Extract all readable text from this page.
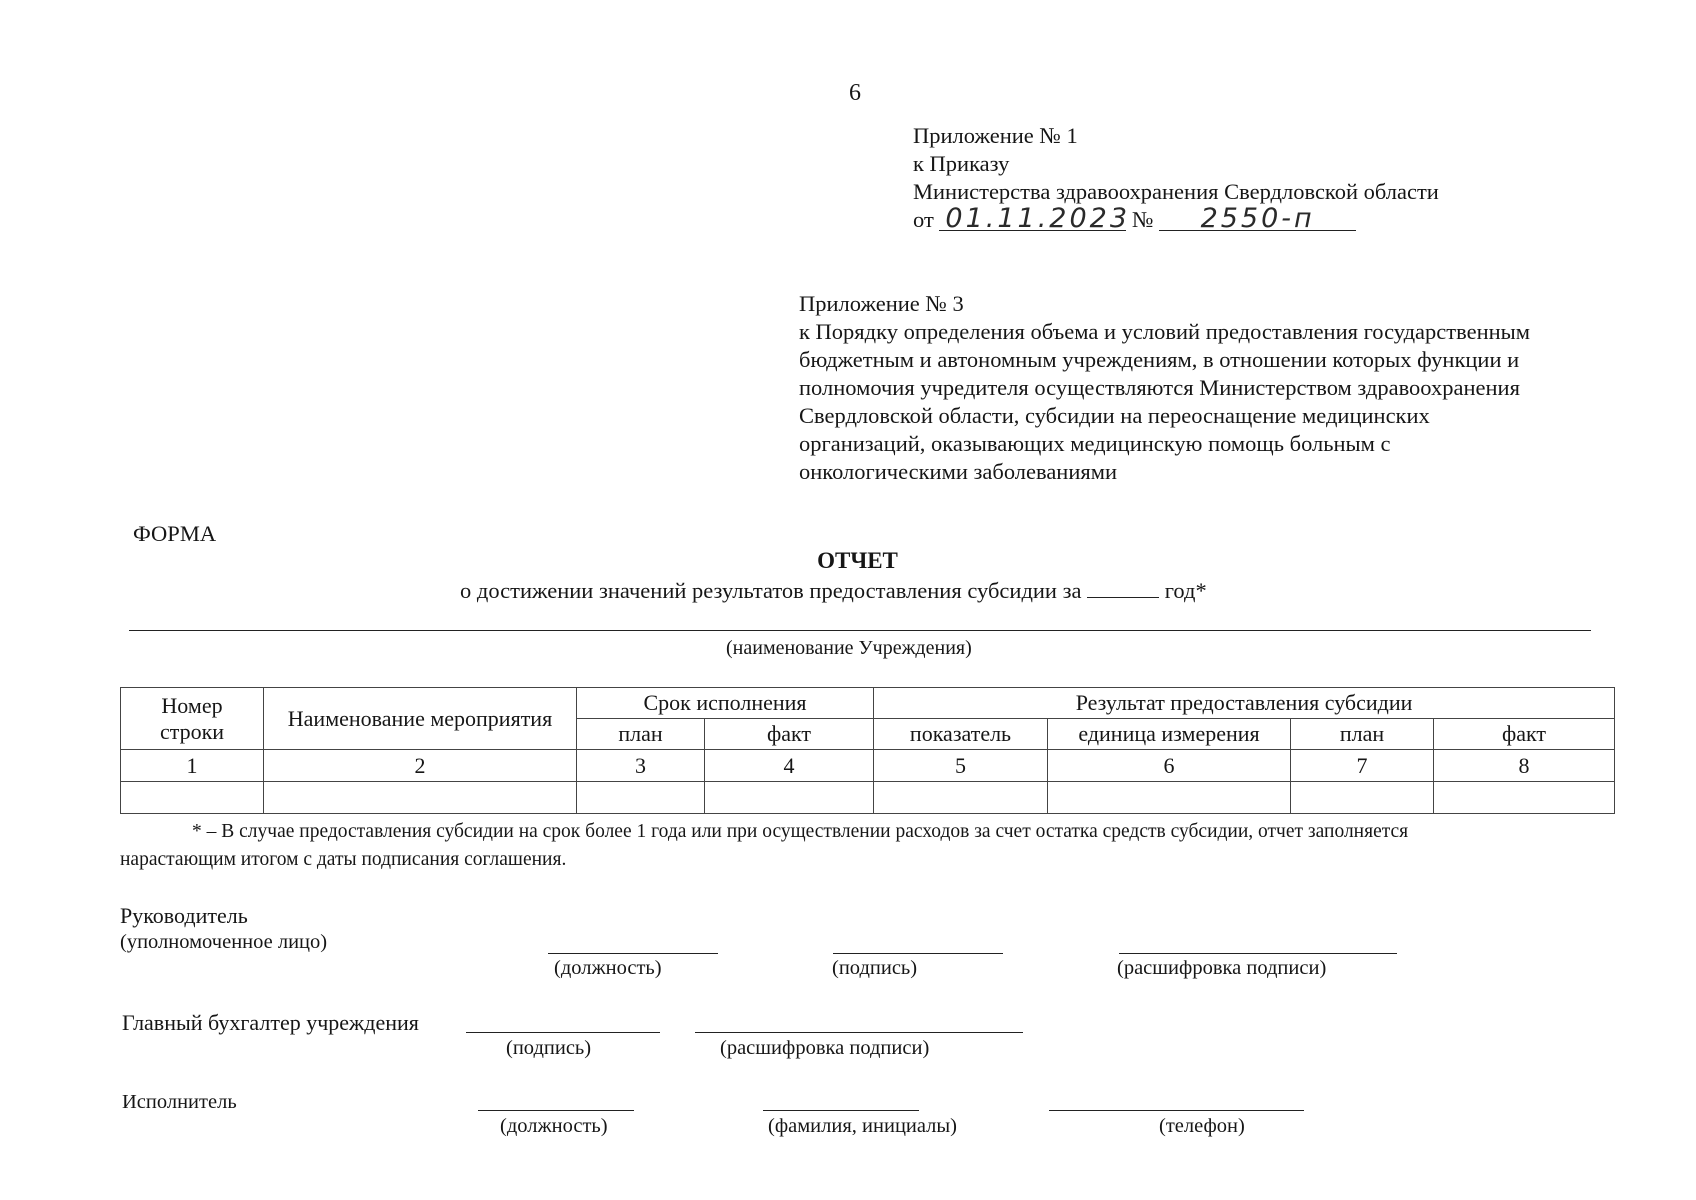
6
Приложение № 1
к Приказу
Министерства здравоохранения Свердловской области
от 01.11.2023 № 2550-п
Приложение № 3
к Порядку определения объема и условий предоставления государственным
бюджетным и автономным учреждениям, в отношении которых функции и
полномочия учредителя осуществляются Министерством здравоохранения
Свердловской области, субсидии на переоснащение медицинских
организаций, оказывающих медицинскую помощь больным с
онкологическими заболеваниями
ФОРМА
ОТЧЕТ
о достижении значений результатов предоставления субсидии за	год*
(наименование Учреждения)
Номер
строки	Наименование мероприятия	Срок исполнения		Результат предоставления субсидии			
		план	факт	показатель	единица измерения	план	факт
1	2	3	4	5	6	7	8

* – В случае предоставления субсидии на срок более 1 года или при осуществлении расходов за счет остатка средств субсидии, отчет заполняется
нарастающим итогом с даты подписания соглашения.
Руководитель
(уполномоченное лицо)
(должность)	(подпись)	(расшифровка подписи)
Главный бухгалтер учреждения
(подпись)	(расшифровка подписи)
Исполнитель
(должность)	(фамилия, инициалы)	(телефон)
